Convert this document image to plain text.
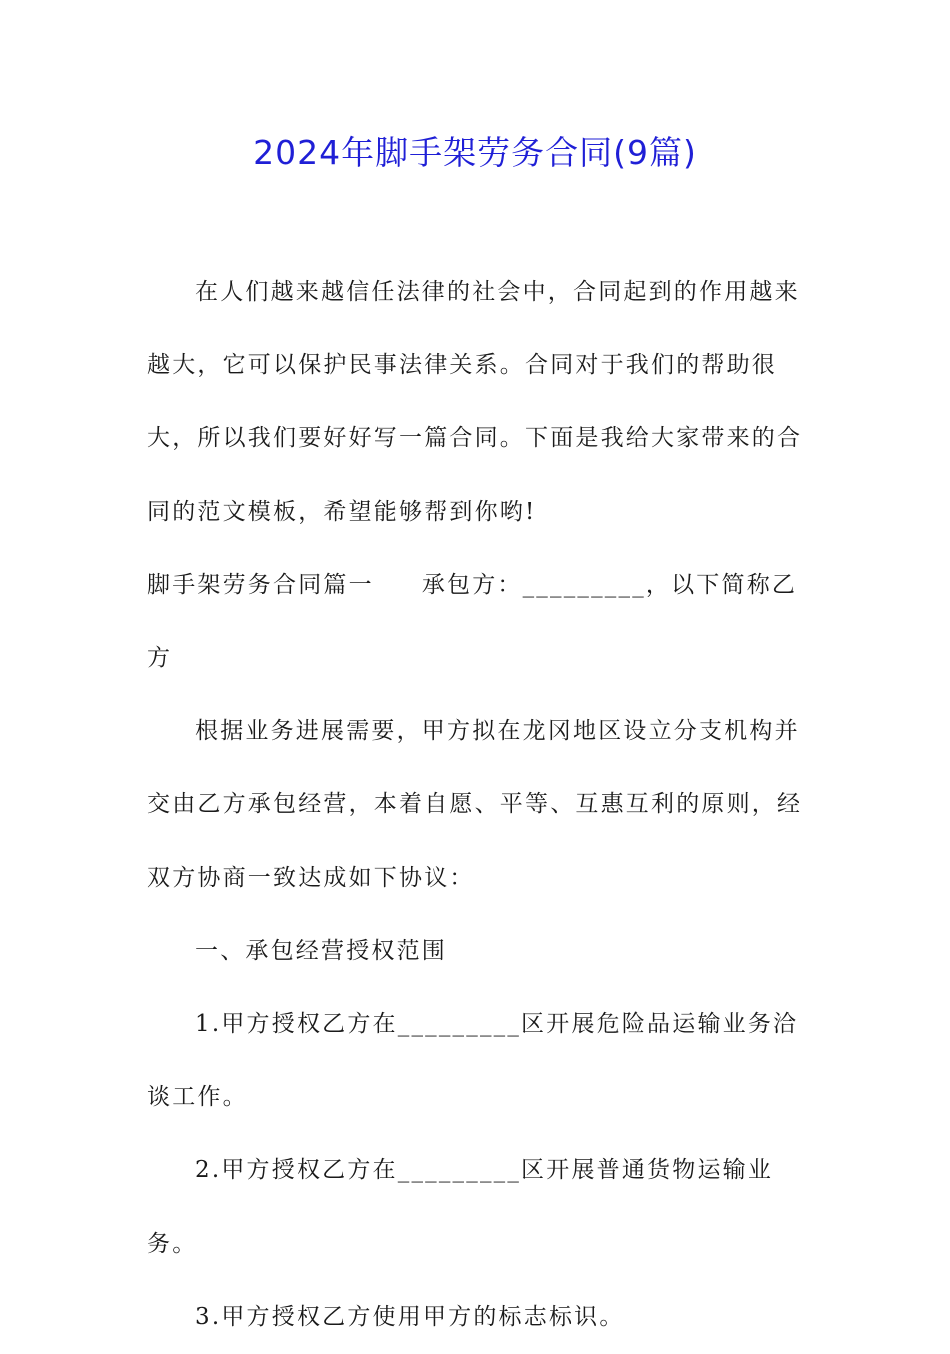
2024年脚手架劳务合同(9篇)

在人们越来越信任法律的社会中，合同起到的作用越来越大，它可以保护民事法律关系。合同对于我们的帮助很大，所以我们要好好写一篇合同。下面是我给大家带来的合同的范文模板，希望能够帮到你哟!

脚手架劳务合同篇一 承包方：_________，以下简称乙方

根据业务进展需要，甲方拟在龙冈地区设立分支机构并交由乙方承包经营，本着自愿、平等、互惠互利的原则，经双方协商一致达成如下协议：

一、承包经营授权范围

1.甲方授权乙方在_________区开展危险品运输业务洽谈工作。

2.甲方授权乙方在_________区开展普通货物运输业务。

3.甲方授权乙方使用甲方的标志标识。
